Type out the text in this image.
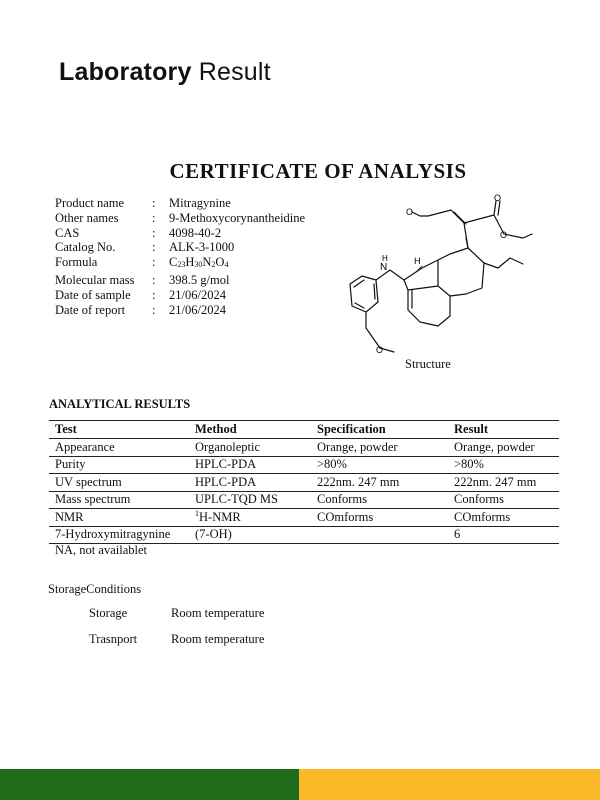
Laboratory Result
CERTIFICATE OF ANALYSIS
Product name	:	Mitragynine
Other names	:	9-Methoxycorynantheidine
CAS	:	4098-40-2
Catalog No.	:	ALK-3-1000
Formula	:	$C_{23}H_{30}N_2O_4$
Molecular mass	:	398.5 g/mol
Date of sample	:	21/06/2024
Date of report	:	21/06/2024
N
H	H
O
O
O
O
Structure
ANALYTICAL RESULTS
Test	Method	Specification	Result
Appearance	Organoleptic	Orange, powder	Orange, powder
Purity	HPLC-PDA	>80%	>80%
UV spectrum	HPLC-PDA	222nm. 247 mm	222nm. 247 mm
Mass spectrum	UPLC-TQD MS	Conforms	Conforms
NMR	$^1$H-NMR	COmforms	COmforms
7-Hydroxymitragynine	(7-OH)		6
NA, not availablet
StorageConditions
Storage	Room temperature
Trasnport	Room temperature
